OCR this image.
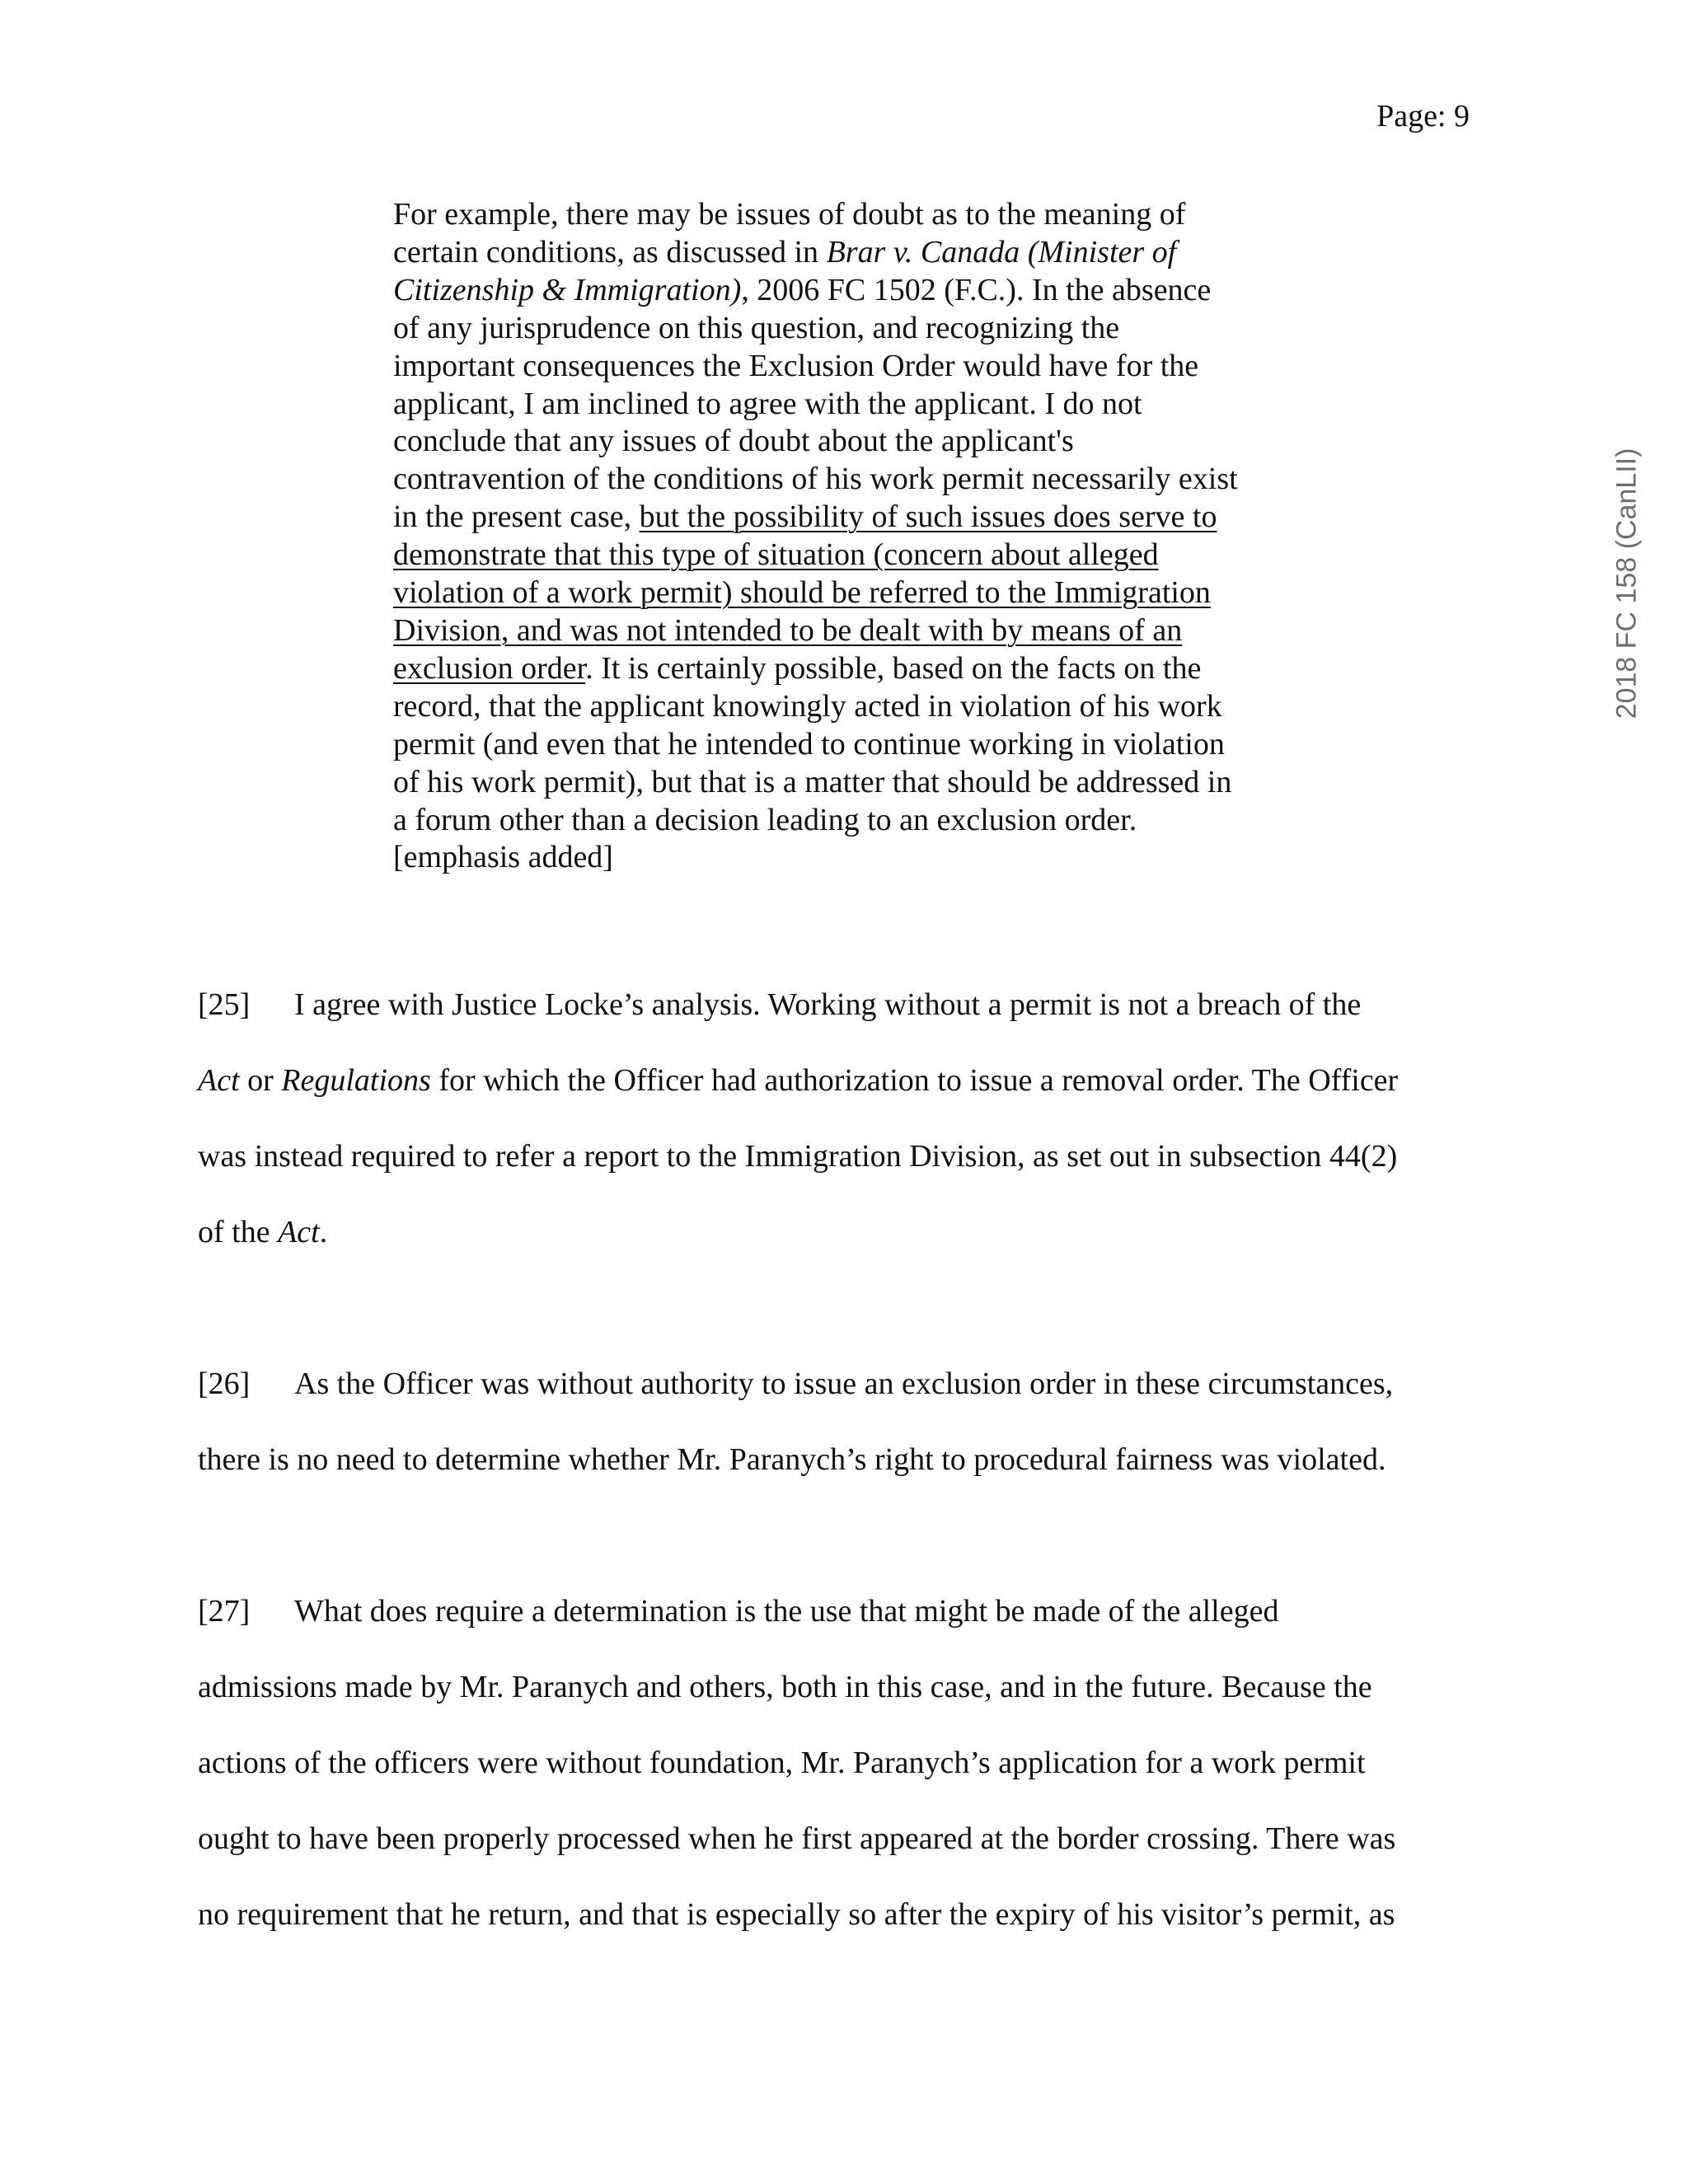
Page: 9
2018 FC 158 (CanLII)
For example, there may be issues of doubt as to the meaning of
certain conditions, as discussed in Brar v. Canada (Minister of
Citizenship & Immigration), 2006 FC 1502 (F.C.). In the absence
of any jurisprudence on this question, and recognizing the
important consequences the Exclusion Order would have for the
applicant, I am inclined to agree with the applicant. I do not
conclude that any issues of doubt about the applicant's
contravention of the conditions of his work permit necessarily exist
in the present case, but the possibility of such issues does serve to
demonstrate that this type of situation (concern about alleged
violation of a work permit) should be referred to the Immigration
Division, and was not intended to be dealt with by means of an
exclusion order. It is certainly possible, based on the facts on the
record, that the applicant knowingly acted in violation of his work
permit (and even that he intended to continue working in violation
of his work permit), but that is a matter that should be addressed in
a forum other than a decision leading to an exclusion order.
[emphasis added]
[25] I agree with Justice Locke’s analysis. Working without a permit is not a breach of the
Act or Regulations for which the Officer had authorization to issue a removal order. The Officer
was instead required to refer a report to the Immigration Division, as set out in subsection 44(2)
of the Act.
[26] As the Officer was without authority to issue an exclusion order in these circumstances,
there is no need to determine whether Mr. Paranych’s right to procedural fairness was violated.
[27] What does require a determination is the use that might be made of the alleged
admissions made by Mr. Paranych and others, both in this case, and in the future. Because the
actions of the officers were without foundation, Mr. Paranych’s application for a work permit
ought to have been properly processed when he first appeared at the border crossing. There was
no requirement that he return, and that is especially so after the expiry of his visitor’s permit, as
